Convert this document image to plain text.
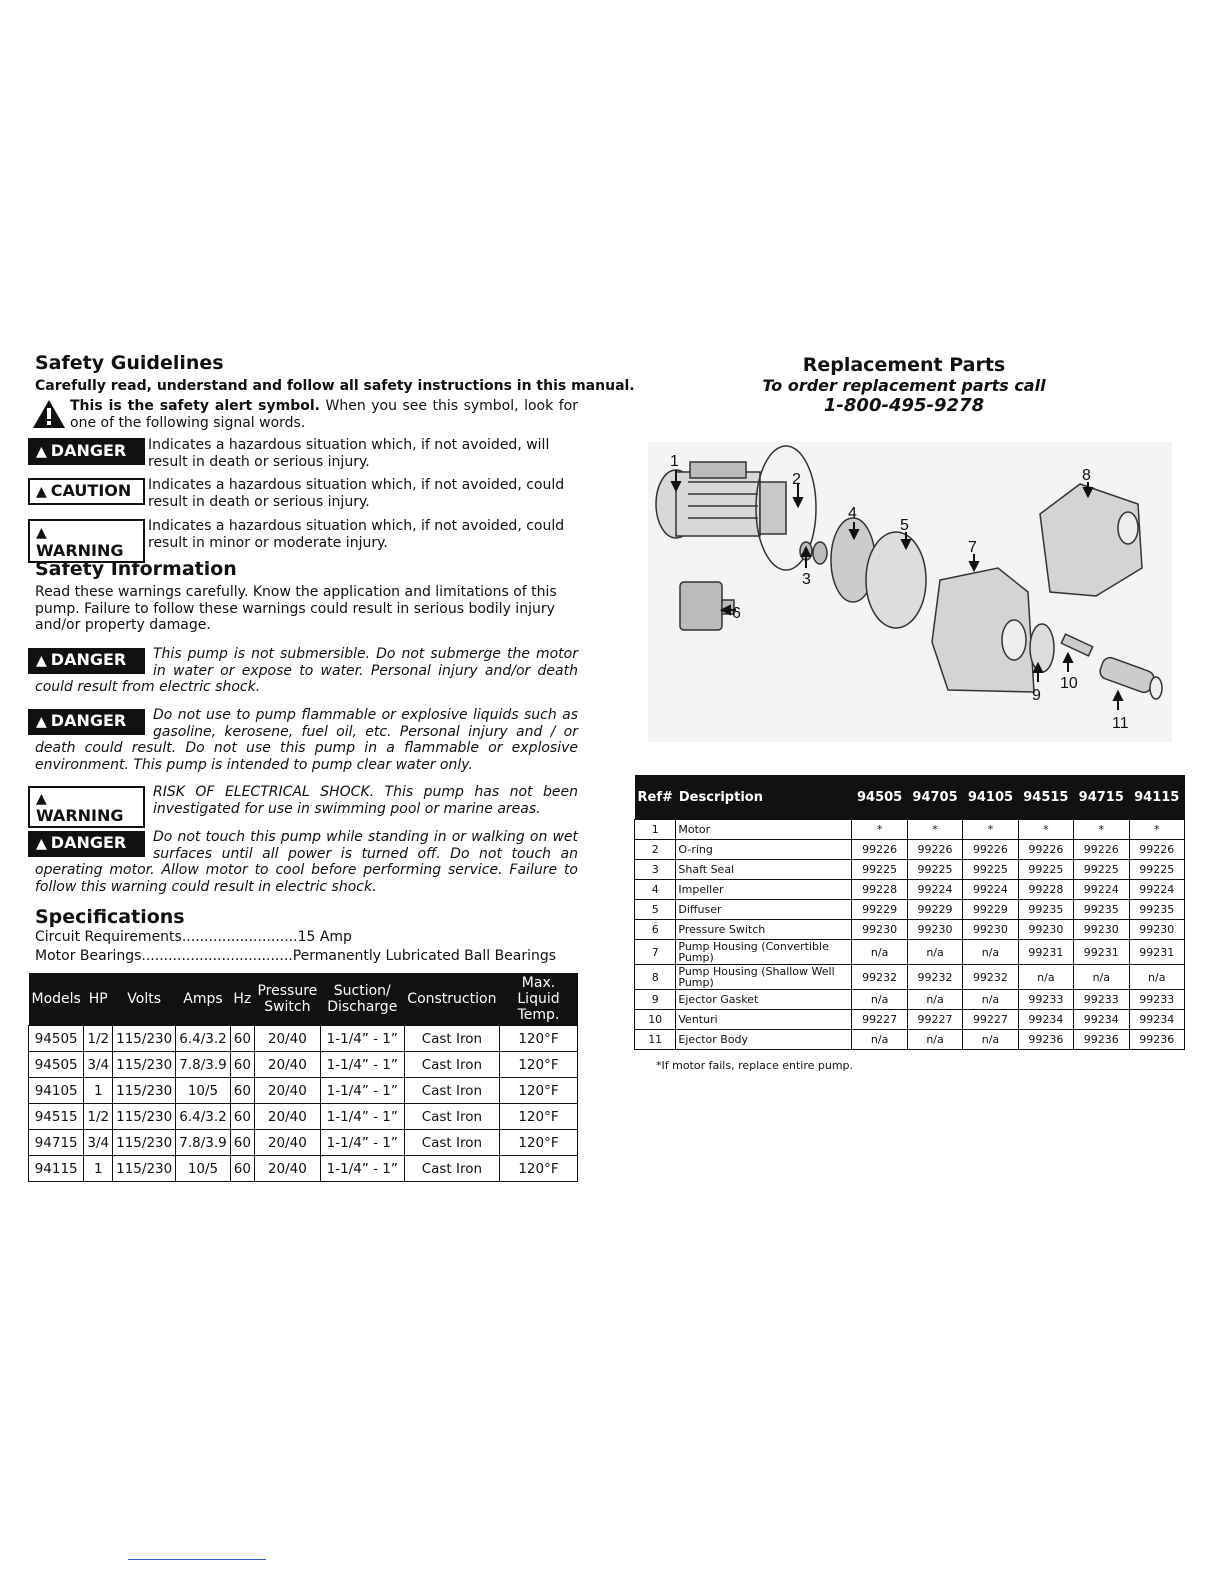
Safety Guidelines
Carefully read, understand and follow all safety instructions in this manual.
This is the safety alert symbol. When you see this symbol, look for one of the following signal words.
▲ DANGER	Indicates a hazardous situation which, if not avoided, will result in death or serious injury.
▲ CAUTION	Indicates a hazardous situation which, if not avoided, could result in death or serious injury.
▲WARNING
Indicates a hazardous situation which, if not avoided, could result in minor or moderate injury.
Safety Information
Read these warnings carefully. Know the application and limitations of this pump. Failure to follow these warnings could result in serious bodily injury and/or property damage.
▲ DANGER	This pump is not submersible. Do not submerge the motor in water or expose to water. Personal injury and/or death could result from electric shock.
▲ DANGER	Do not use to pump flammable or explosive liquids such as gasoline, kerosene, fuel oil, etc. Personal injury and / or death could result. Do not use this pump in a flammable or explosive environment. This pump is intended to pump clear water only.
▲WARNING
RISK OF ELECTRICAL SHOCK. This pump has not been investigated for use in swimming pool or marine areas.
▲ DANGER	Do not touch this pump while standing in or walking on wet surfaces until all power is turned off. Do not touch an operating motor. Allow motor to cool before performing service. Failure to follow this warning could result in electric shock.
Specifications
Circuit Requirements..........................15 Amp
Motor Bearings..................................Permanently Lubricated Ball Bearings
Models	HP	Volts	Amps	Hz	Pressure Switch	Suction/ Discharge	Construction	Max. Liquid Temp.
94505	1/2	115/230	6.4/3.2	60	20/40	1-1/4” - 1”	Cast Iron	120°F
94505	3/4	115/230	7.8/3.9	60	20/40	1-1/4” - 1”	Cast Iron	120°F
94105	1	115/230	10/5	60	20/40	1-1/4” - 1”	Cast Iron	120°F
94515	1/2	115/230	6.4/3.2	60	20/40	1-1/4” - 1”	Cast Iron	120°F
94715	3/4	115/230	7.8/3.9	60	20/40	1-1/4” - 1”	Cast Iron	120°F
94115	1	115/230	10/5	60	20/40	1-1/4” - 1”	Cast Iron	120°F
Replacement Parts
To order replacement parts call
1-800-495-9278
1
2
3
4
5
6
7
8
9
10
11
Ref#	Description	94505	94705	94105	94515	94715	94115
1	Motor	*	*	*	*	*	*
2	O-ring	99226	99226	99226	99226	99226	99226
3	Shaft Seal	99225	99225	99225	99225	99225	99225
4	Impeller	99228	99224	99224	99228	99224	99224
5	Diffuser	99229	99229	99229	99235	99235	99235
6	Pressure Switch	99230	99230	99230	99230	99230	99230
7	Pump Housing (Convertible Pump)	n/a	n/a	n/a	99231	99231	99231
8	Pump Housing (Shallow Well Pump)	99232	99232	99232	n/a	n/a	n/a
9	Ejector Gasket	n/a	n/a	n/a	99233	99233	99233
10	Venturi	99227	99227	99227	99234	99234	99234
11	Ejector Body	n/a	n/a	n/a	99236	99236	99236
*If motor fails, replace entire pump.
